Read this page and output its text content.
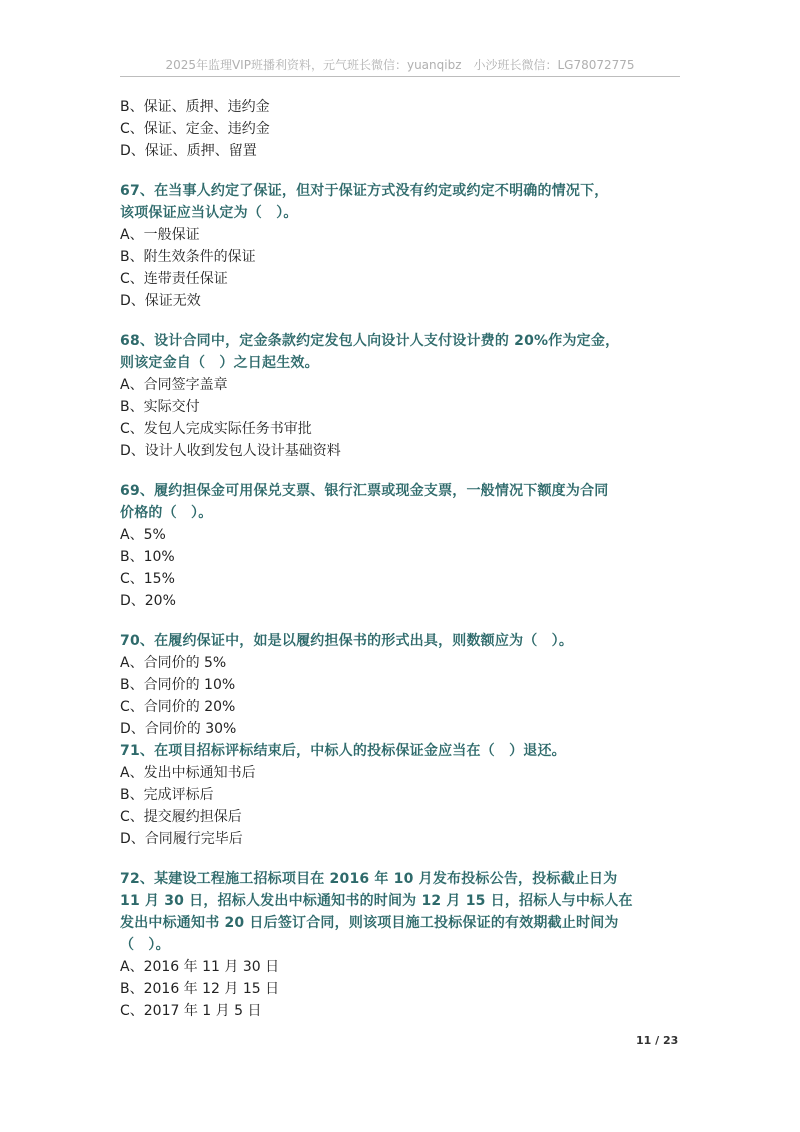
2025年监理VIP班播利资料，元气班长微信：yuanqibz　小沙班长微信：LG78072775
B、保证、质押、违约金
C、保证、定金、违约金
D、保证、质押、留置
67、在当事人约定了保证，但对于保证方式没有约定或约定不明确的情况下，
该项保证应当认定为（　）。
A、一般保证
B、附生效条件的保证
C、连带责任保证
D、保证无效
68、设计合同中，定金条款约定发包人向设计人支付设计费的 20%作为定金，
则该定金自（　）之日起生效。
A、合同签字盖章
B、实际交付
C、发包人完成实际任务书审批
D、设计人收到发包人设计基础资料
69、履约担保金可用保兑支票、银行汇票或现金支票，一般情况下额度为合同
价格的（　）。
A、5%
B、10%
C、15%
D、20%
70、在履约保证中，如是以履约担保书的形式出具，则数额应为（　）。
A、合同价的 5%
B、合同价的 10%
C、合同价的 20%
D、合同价的 30%
71、在项目招标评标结束后，中标人的投标保证金应当在（　）退还。
A、发出中标通知书后
B、完成评标后
C、提交履约担保后
D、合同履行完毕后
72、某建设工程施工招标项目在 2016 年 10 月发布投标公告，投标截止日为
11 月 30 日，招标人发出中标通知书的时间为 12 月 15 日，招标人与中标人在
发出中标通知书 20 日后签订合同，则该项目施工投标保证的有效期截止时间为
（　）。
A、2016 年 11 月 30 日
B、2016 年 12 月 15 日
C、2017 年 1 月 5 日
11 / 23
